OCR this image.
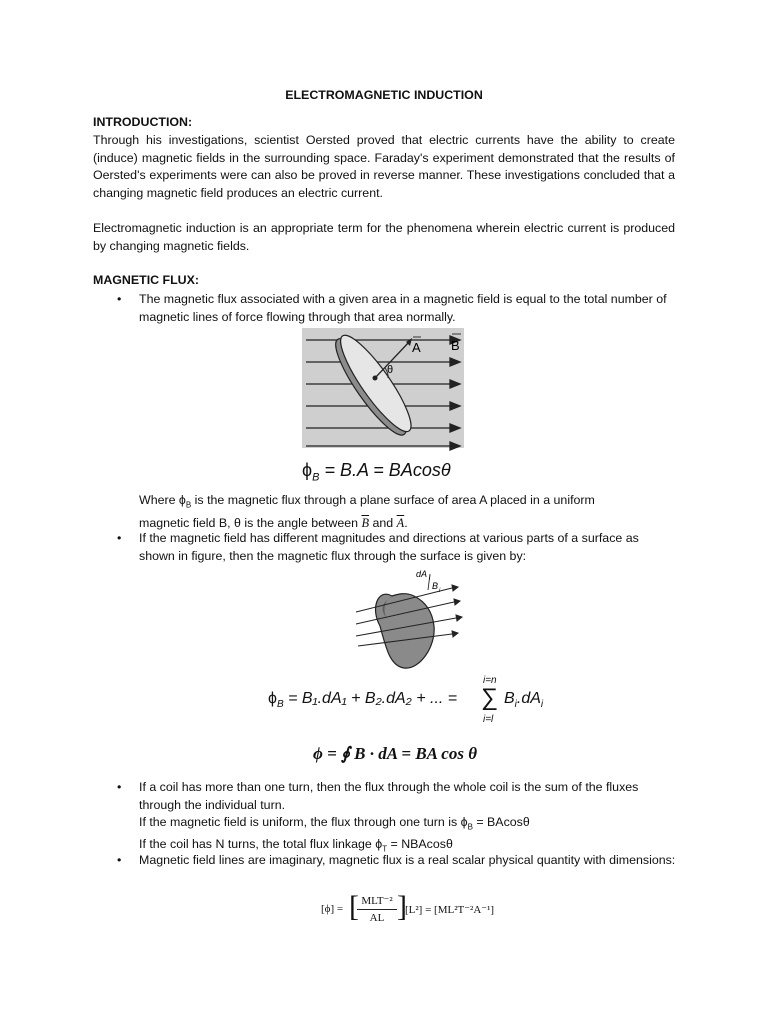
ELECTROMAGNETIC INDUCTION
INTRODUCTION:

Through his investigations, scientist Oersted proved that electric currents have the ability to create (induce) magnetic fields in the surrounding space. Faraday's experiment demonstrated that the results of Oersted's experiments were can also be proved in reverse manner. These investigations concluded that a changing magnetic field produces an electric current.

Electromagnetic induction is an appropriate term for the phenomena wherein electric current is produced by changing magnetic fields.

MAGNETIC FLUX:
• The magnetic flux associated with a given area in a magnetic field is equal to the total number of magnetic lines of force flowing through that area normally.
θ
A B
$\phi_B = B.A = BAcos\theta$
Where $\phi_B$ is the magnetic flux through a plane surface of area A placed in a uniform
magnetic field B, θ is the angle between $\overline{B}$ and $\overline{A}$.
• If the magnetic field has different magnitudes and directions at various parts of a surface as shown in figure, then the magnetic flux through the surface is given by:
dA i
B i
$\phi_B = B_1.dA_1 + B_2.dA_2$ + ... =
i=n
∑
i=l
$B_i.dA_i$
ϕ = ∮ B · dA = BA cos θ
• If a coil has more than one turn, then the flux through the whole coil is the sum of the fluxes
through the individual turn.
If the magnetic field is uniform, the flux through one turn is $\phi_B = BAcos\theta$
If the coil has N turns, the total flux linkage $\phi_T = NBAcos\theta$
• Magnetic field lines are imaginary, magnetic flux is a real scalar physical quantity with dimensions:
[ϕ] = [ MLT⁻²
AL ]
[L²] = [ML²T⁻²A⁻¹]
